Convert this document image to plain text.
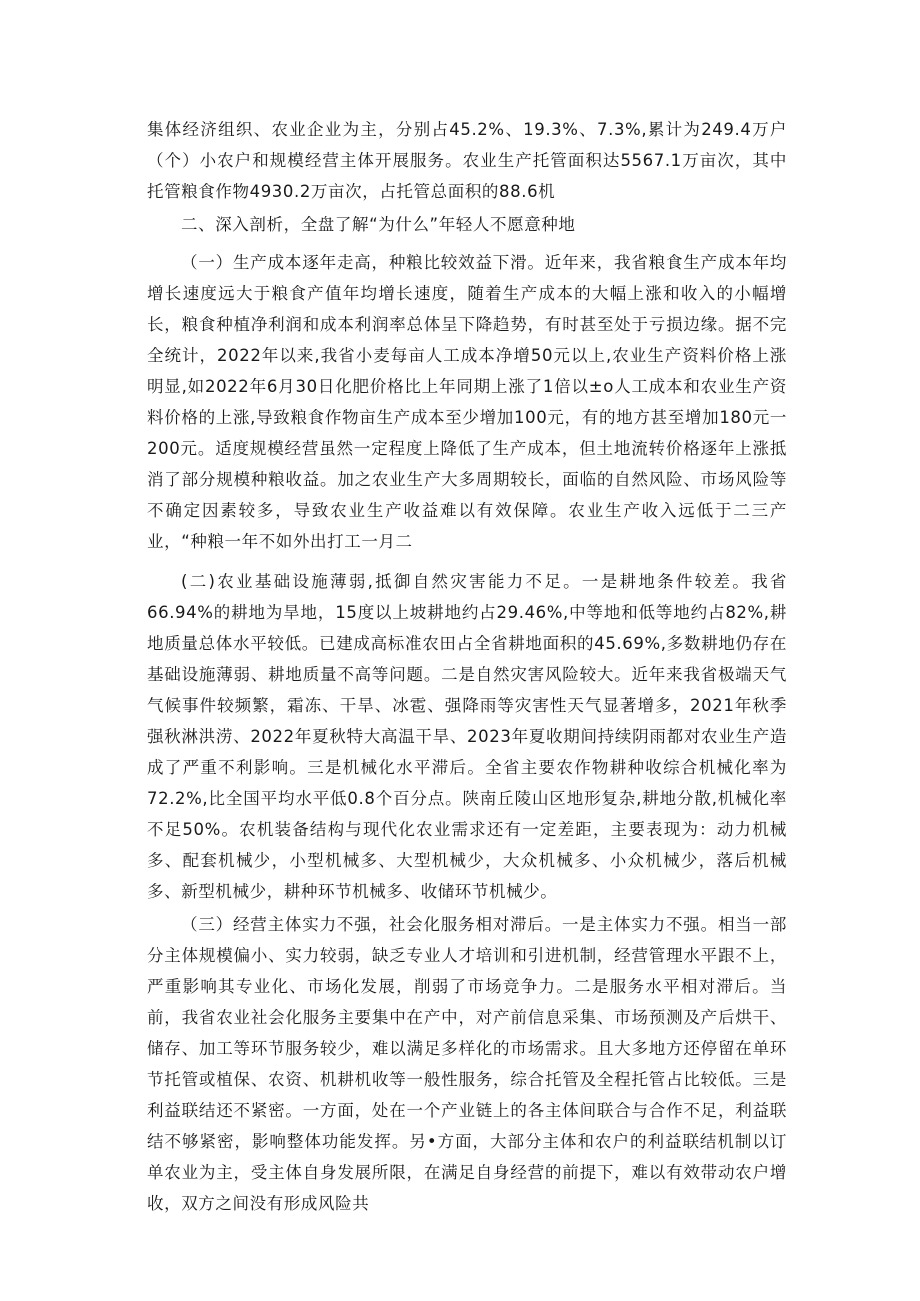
集体经济组织、农业企业为主，分别占45.2%、19.3%、7.3%,累计为249.4万户（个）小农户和规模经营主体开展服务。农业生产托管面积达5567.1万亩次，其中托管粮食作物4930.2万亩次，占托管总面积的88.6机

二、深入剖析，全盘了解“为什么”年轻人不愿意种地

（一）生产成本逐年走高，种粮比较效益下滑。近年来，我省粮食生产成本年均增长速度远大于粮食产值年均增长速度，随着生产成本的大幅上涨和收入的小幅增长，粮食种植净利润和成本利润率总体呈下降趋势，有时甚至处于亏损边缘。据不完全统计，2022年以来,我省小麦每亩人工成本净增50元以上,农业生产资料价格上涨明显,如2022年6月30日化肥价格比上年同期上涨了1倍以±o人工成本和农业生产资料价格的上涨,导致粮食作物亩生产成本至少增加100元，有的地方甚至增加180元一200元。适度规模经营虽然一定程度上降低了生产成本，但土地流转价格逐年上涨抵消了部分规模种粮收益。加之农业生产大多周期较长，面临的自然风险、市场风险等不确定因素较多，导致农业生产收益难以有效保障。农业生产收入远低于二三产业，“种粮一年不如外出打工一月二

(二)农业基础设施薄弱,抵御自然灾害能力不足。一是耕地条件较差。我省66.94%的耕地为旱地，15度以上坡耕地约占29.46%,中等地和低等地约占82%,耕地质量总体水平较低。已建成高标准农田占全省耕地面积的45.69%,多数耕地仍存在基础设施薄弱、耕地质量不高等问题。二是自然灾害风险较大。近年来我省极端天气气候事件较频繁，霜冻、干旱、冰雹、强降雨等灾害性天气显著增多，2021年秋季强秋淋洪涝、2022年夏秋特大高温干旱、2023年夏收期间持续阴雨都对农业生产造成了严重不利影响。三是机械化水平滞后。全省主要农作物耕种收综合机械化率为72.2%,比全国平均水平低0.8个百分点。陕南丘陵山区地形复杂,耕地分散,机械化率不足50%。农机装备结构与现代化农业需求还有一定差距，主要表现为：动力机械多、配套机械少，小型机械多、大型机械少，大众机械多、小众机械少，落后机械多、新型机械少，耕种环节机械多、收储环节机械少。

（三）经营主体实力不强，社会化服务相对滞后。一是主体实力不强。相当一部分主体规模偏小、实力较弱，缺乏专业人才培训和引进机制，经营管理水平跟不上，严重影响其专业化、市场化发展，削弱了市场竞争力。二是服务水平相对滞后。当前，我省农业社会化服务主要集中在产中，对产前信息采集、市场预测及产后烘干、储存、加工等环节服务较少，难以满足多样化的市场需求。且大多地方还停留在单环节托管或植保、农资、机耕机收等一般性服务，综合托管及全程托管占比较低。三是利益联结还不紧密。一方面，处在一个产业链上的各主体间联合与合作不足，利益联结不够紧密，影响整体功能发挥。另•方面，大部分主体和农户的利益联结机制以订单农业为主，受主体自身发展所限，在满足自身经营的前提下，难以有效带动农户增收，双方之间没有形成风险共
